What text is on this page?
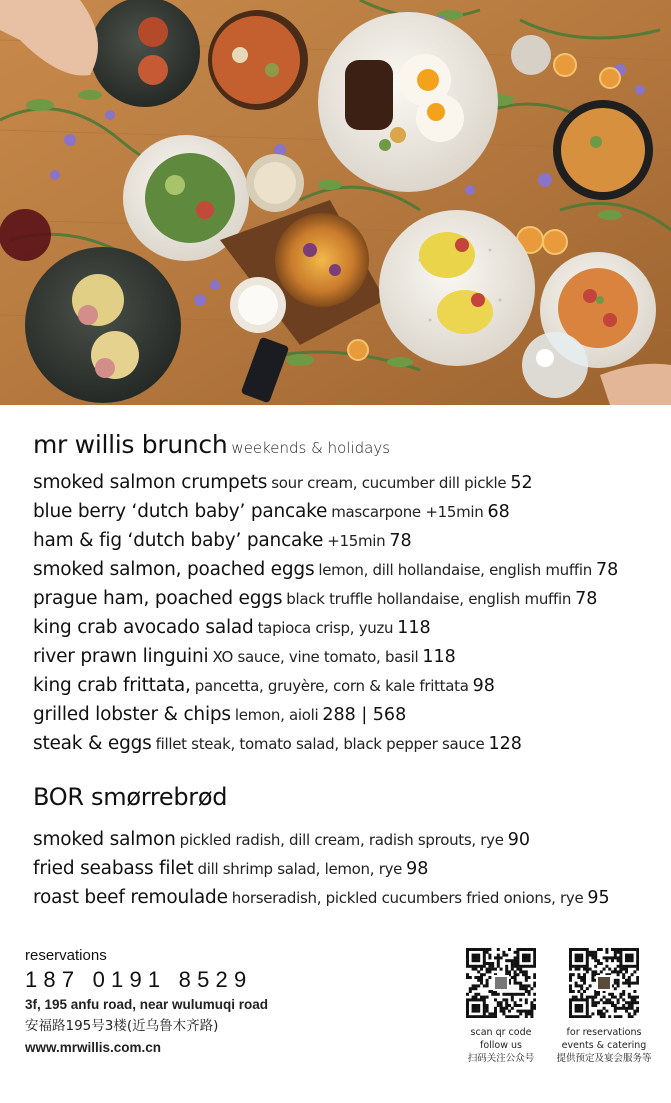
mr willis brunch weekends & holidays
smoked salmon crumpets sour cream, cucumber dill pickle 52
blue berry ‘dutch baby’ pancake mascarpone +15min 68
ham & fig ‘dutch baby’ pancake +15min 78
smoked salmon, poached eggs lemon, dill hollandaise, english muffin 78
prague ham, poached eggs black truffle hollandaise, english muffin 78
king crab avocado salad tapioca crisp, yuzu 118
river prawn linguini XO sauce, vine tomato, basil 118
king crab frittata, pancetta, gruyère, corn & kale frittata 98
grilled lobster & chips lemon, aioli 288 | 568
steak & eggs fillet steak, tomato salad, black pepper sauce 128
BOR smørrebrød
smoked salmon pickled radish, dill cream, radish sprouts, rye 90
fried seabass filet dill shrimp salad, lemon, rye 98
roast beef remoulade horseradish, pickled cucumbers fried onions, rye 95
reservations
187 0191 8529
3f, 195 anfu road, near wulumuqi road
安福路195号3楼(近乌鲁木齐路)
www.mrwillis.com.cn
scan qr code
follow us
扫码关注公众号
for reservations
events & catering
提供预定及宴会服务等
